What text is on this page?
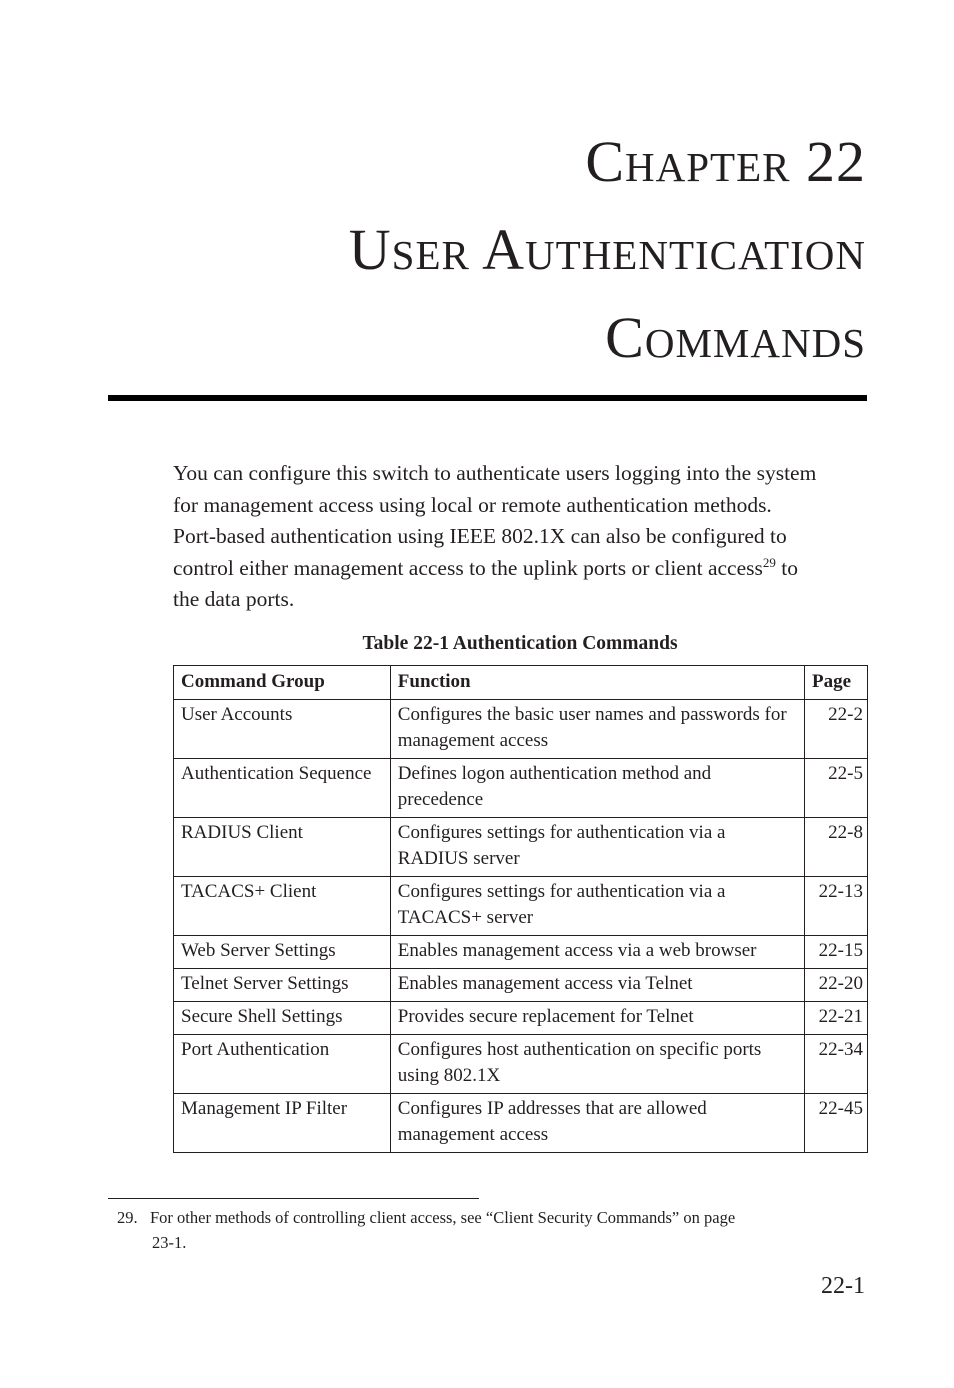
Chapter 22
User Authentication
Commands

You can configure this switch to authenticate users logging into the system
for management access using local or remote authentication methods.
Port-based authentication using IEEE 802.1X can also be configured to
control either management access to the uplink ports or client access$^{29}$ to
the data ports.

Table 22-1 Authentication Commands
Command Group	Function	Page
User Accounts	Configures the basic user names and passwords for management access	22-2
Authentication Sequence	Defines logon authentication method and precedence	22-5
RADIUS Client	Configures settings for authentication via a RADIUS server	22-8
TACACS+ Client	Configures settings for authentication via a TACACS+ server	22-13
Web Server Settings	Enables management access via a web browser	22-15
Telnet Server Settings	Enables management access via Telnet	22-20
Secure Shell Settings	Provides secure replacement for Telnet	22-21
Port Authentication	Configures host authentication on specific ports using 802.1X	22-34
Management IP Filter	Configures IP addresses that are allowed management access	22-45

29. For other methods of controlling client access, see “Client Security Commands” on page
23-1.

22-1
